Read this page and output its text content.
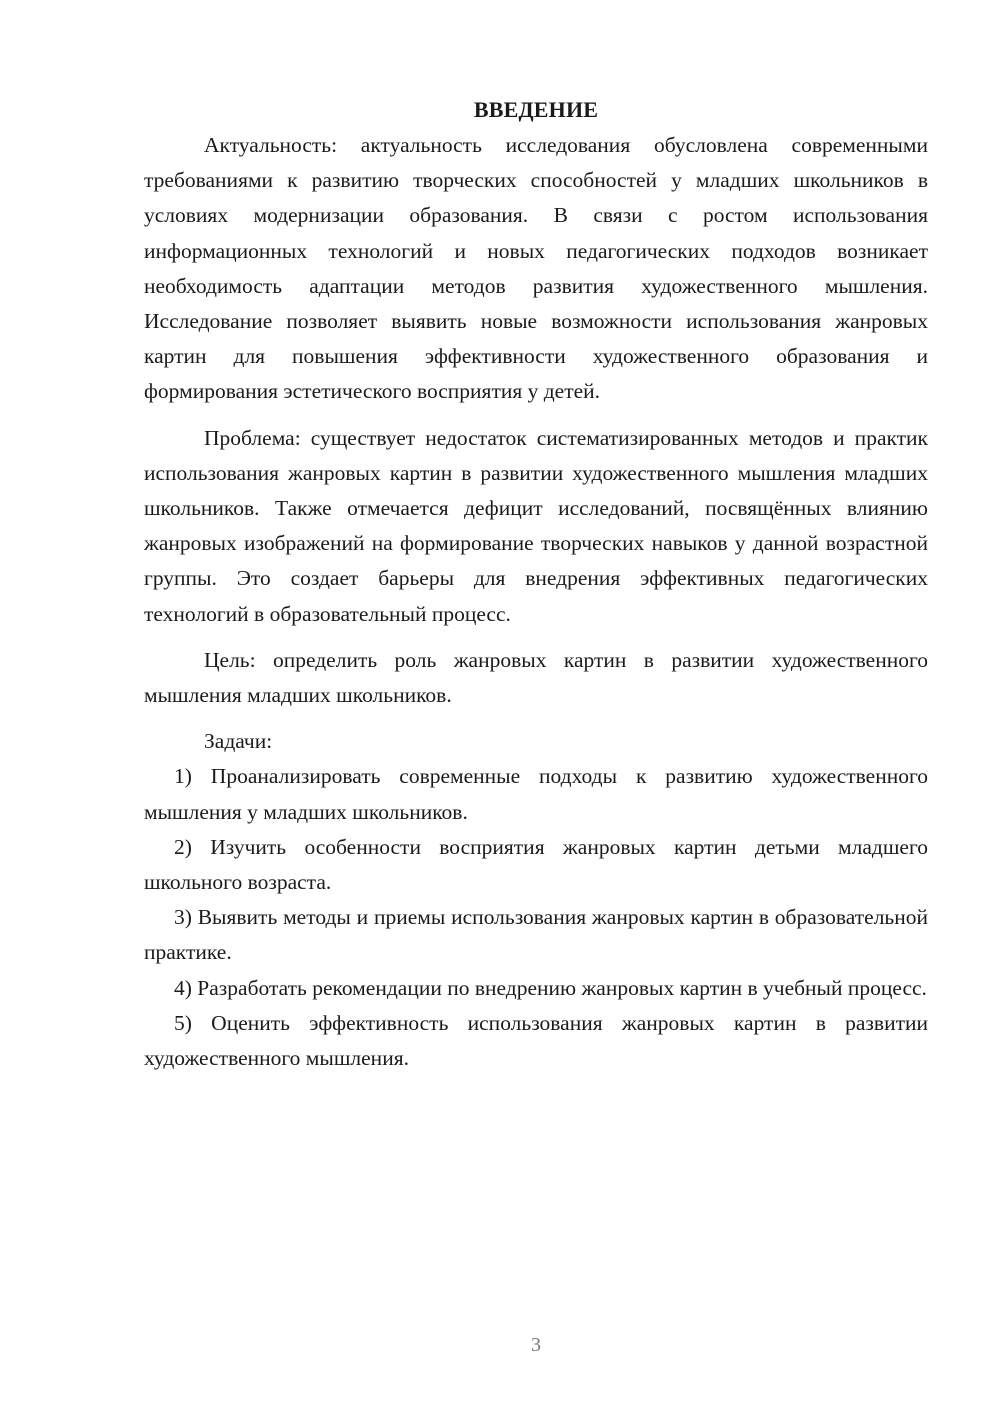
ВВЕДЕНИЕ

Актуальность: актуальность исследования обусловлена современными требованиями к развитию творческих способностей у младших школьников в условиях модернизации образования. В связи с ростом использования информационных технологий и новых педагогических подходов возникает необходимость адаптации методов развития художественного мышления. Исследование позволяет выявить новые возможности использования жанровых картин для повышения эффективности художественного образования и формирования эстетического восприятия у детей.

Проблема: существует недостаток систематизированных методов и практик использования жанровых картин в развитии художественного мышления младших школьников. Также отмечается дефицит исследований, посвящённых влиянию жанровых изображений на формирование творческих навыков у данной возрастной группы. Это создает барьеры для внедрения эффективных педагогических технологий в образовательный процесс.

Цель: определить роль жанровых картин в развитии художественного мышления младших школьников.

Задачи:

1) Проанализировать современные подходы к развитию художественного мышления у младших школьников.

2) Изучить особенности восприятия жанровых картин детьми младшего школьного возраста.

3) Выявить методы и приемы использования жанровых картин в образовательной практике.

4) Разработать рекомендации по внедрению жанровых картин в учебный процесс.

5) Оценить эффективность использования жанровых картин в развитии художественного мышления.

3
